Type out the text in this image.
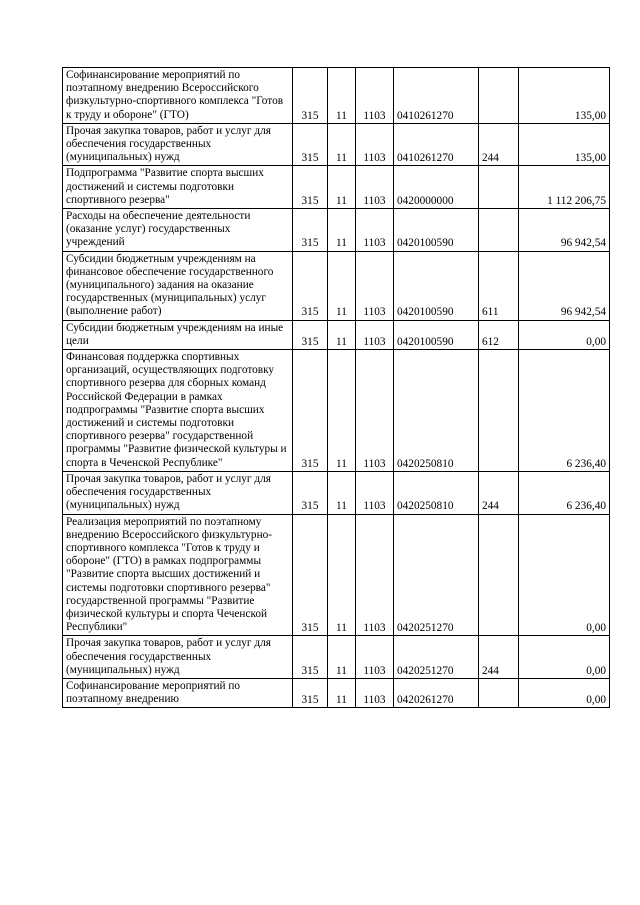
Софинансирование мероприятий по поэтапному внедрению Всероссийского физкультурно-спортивного комплекса "Готов к труду и обороне" (ГТО)	315	11	1103	0410261270		135,00
Прочая закупка товаров, работ и услуг для обеспечения государственных (муниципальных) нужд	315	11	1103	0410261270	244	135,00
Подпрограмма "Развитие спорта высших достижений и системы подготовки спортивного резерва"	315	11	1103	0420000000		1 112 206,75
Расходы на обеспечение деятельности (оказание услуг) государственных учреждений	315	11	1103	0420100590		96 942,54
Субсидии бюджетным учреждениям на финансовое обеспечение государственного (муниципального) задания на оказание государственных (муниципальных) услуг (выполнение работ)	315	11	1103	0420100590	611	96 942,54
Субсидии бюджетным учреждениям на иные цели	315	11	1103	0420100590	612	0,00
Финансовая поддержка спортивных организаций, осуществляющих подготовку спортивного резерва для сборных команд Российской Федерации в рамках подпрограммы "Развитие спорта высших достижений и системы подготовки спортивного резерва" государственной программы "Развитие физической культуры и спорта в Чеченской Республике"	315	11	1103	0420250810		6 236,40
Прочая закупка товаров, работ и услуг для обеспечения государственных (муниципальных) нужд	315	11	1103	0420250810	244	6 236,40
Реализация мероприятий по поэтапному внедрению Всероссийского физкультурно-спортивного комплекса "Готов к труду и обороне" (ГТО) в рамках подпрограммы "Развитие спорта высших достижений и системы подготовки спортивного резерва" государственной программы "Развитие физической культуры и спорта Чеченской Республики"	315	11	1103	0420251270		0,00
Прочая закупка товаров, работ и услуг для обеспечения государственных (муниципальных) нужд	315	11	1103	0420251270	244	0,00
Софинансирование мероприятий по поэтапному внедрению	315	11	1103	0420261270		0,00
